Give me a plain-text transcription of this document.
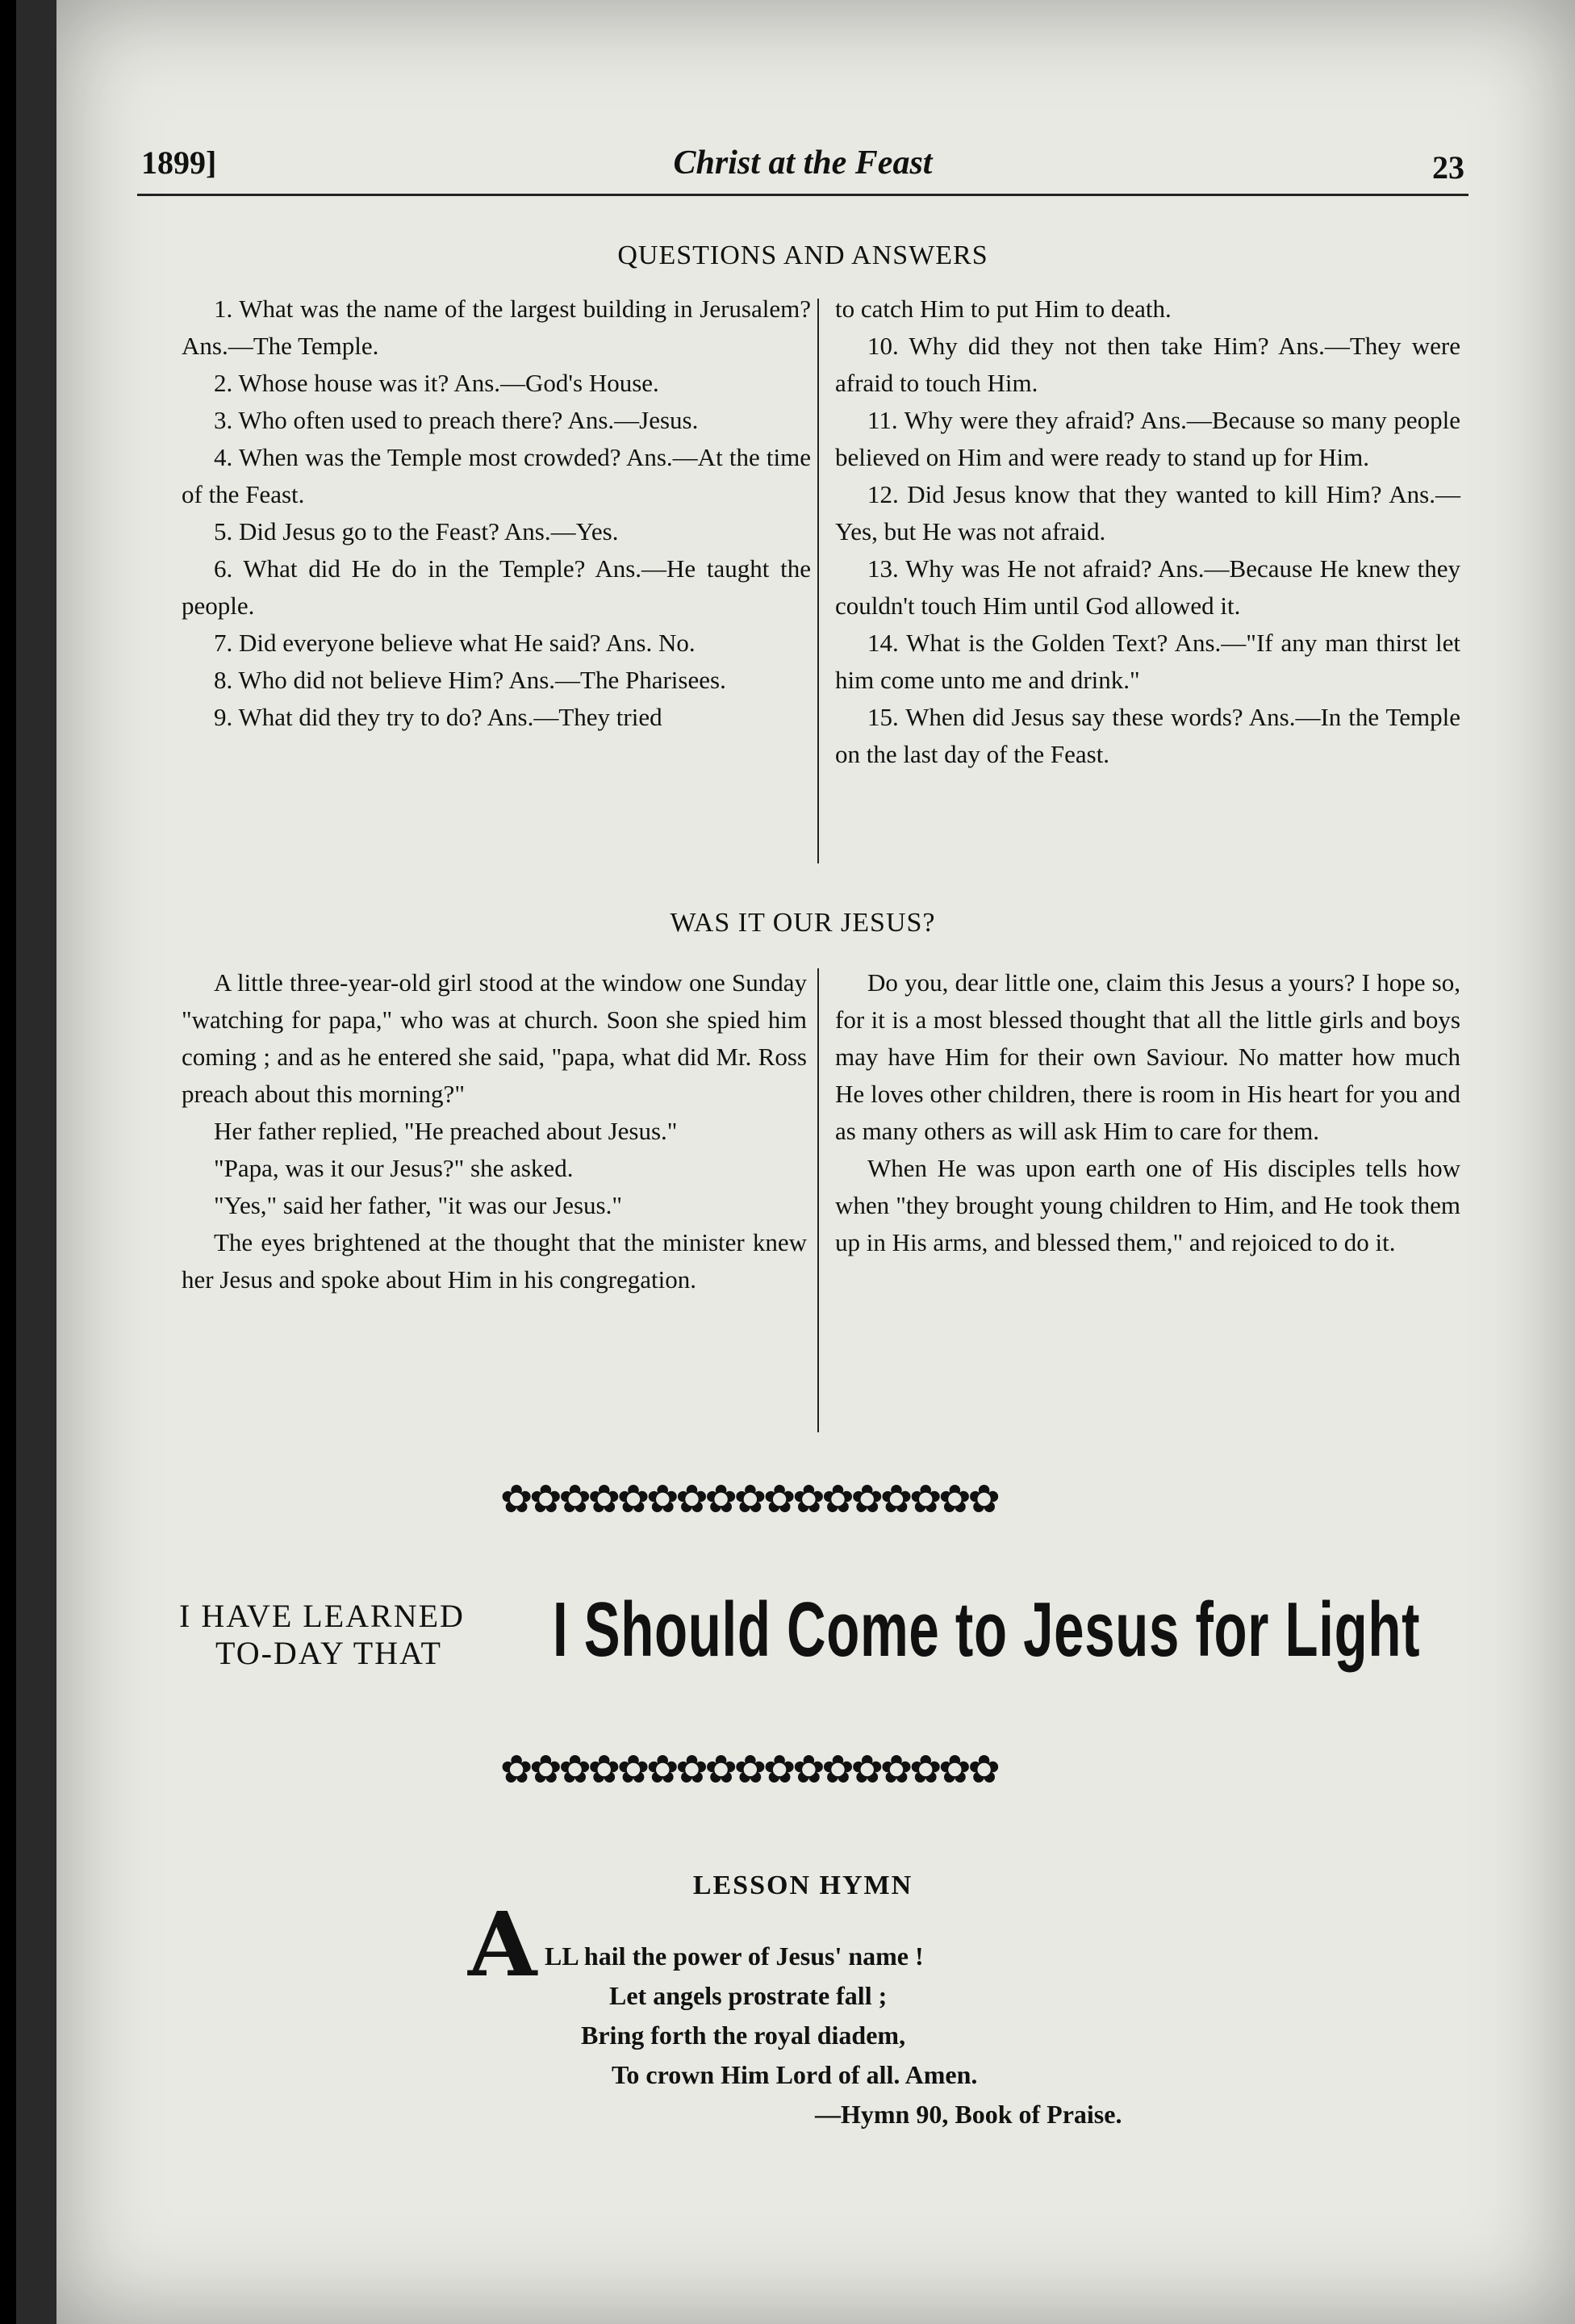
1899]	Christ at the Feast	23
QUESTIONS AND ANSWERS

1. What was the name of the largest building in Jerusalem? Ans.—The Temple.

2. Whose house was it? Ans.—God's House.

3. Who often used to preach there? Ans.—Jesus.

4. When was the Temple most crowded? Ans.—At the time of the Feast.

5. Did Jesus go to the Feast? Ans.—Yes.

6. What did He do in the Temple? Ans.—He taught the people.

7. Did everyone believe what He said? Ans. No.

8. Who did not believe Him? Ans.—The Pharisees.

9. What did they try to do? Ans.—They tried

to catch Him to put Him to death.

10. Why did they not then take Him? Ans.—They were afraid to touch Him.

11. Why were they afraid? Ans.—Because so many people believed on Him and were ready to stand up for Him.

12. Did Jesus know that they wanted to kill Him? Ans.—Yes, but He was not afraid.

13. Why was He not afraid? Ans.—Because He knew they couldn't touch Him until God allowed it.

14. What is the Golden Text? Ans.—"If any man thirst let him come unto me and drink."

15. When did Jesus say these words? Ans.—In the Temple on the last day of the Feast.

WAS IT OUR JESUS?

A little three-year-old girl stood at the window one Sunday "watching for papa," who was at church. Soon she spied him coming ; and as he entered she said, "papa, what did Mr. Ross preach about this morning?"

Her father replied, "He preached about Jesus."

"Papa, was it our Jesus?" she asked.

"Yes," said her father, "it was our Jesus."

The eyes brightened at the thought that the minister knew her Jesus and spoke about Him in his congregation.

Do you, dear little one, claim this Jesus a yours? I hope so, for it is a most blessed thought that all the little girls and boys may have Him for their own Saviour. No matter how much He loves other children, there is room in His heart for you and as many others as will ask Him to care for them.

When He was upon earth one of His disciples tells how when "they brought young children to Him, and He took them up in His arms, and blessed them," and rejoiced to do it.

✿✿✿✿✿✿✿✿✿✿✿✿✿✿✿✿✿
I HAVE LEARNED
TO-DAY THAT I Should Come to Jesus for Light
✿✿✿✿✿✿✿✿✿✿✿✿✿✿✿✿✿
LESSON HYMN
A LL hail the power of Jesus' name !
Let angels prostrate fall ;
Bring forth the royal diadem,
To crown Him Lord of all. Amen.
—Hymn 90, Book of Praise.
